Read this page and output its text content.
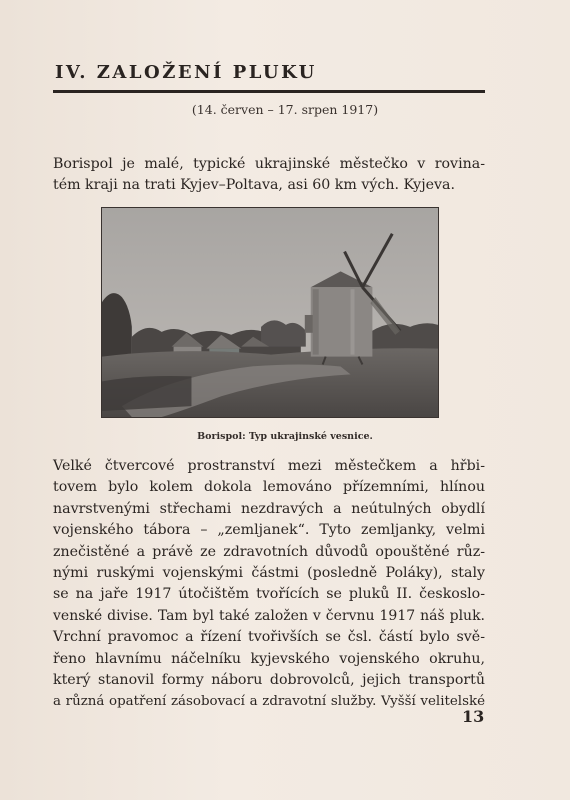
IV. ZALOŽENÍ PLUKU
(14. červen – 17. srpen 1917)
Borispol je malé, typické ukrajinské městečko v rovina-
tém kraji na trati Kyjev–Poltava, asi 60 km vých. Kyjeva.
Borispol: Typ ukrajinské vesnice.
Velké čtvercové prostranství mezi městečkem a hřbi-
tovem bylo kolem dokola lemováno přízemními, hlínou
navrstvenými střechami nezdravých a neútulných obydlí
vojenského tábora – „zemljanek“. Tyto zemljanky, velmi
znečistěné a právě ze zdravotních důvodů opouštěné růz-
nými ruskými vojenskými částmi (posledně Poláky), staly
se na jaře 1917 útočištěm tvořících se pluků II. českoslo-
venské divise. Tam byl také založen v červnu 1917 náš pluk.
Vrchní pravomoc a řízení tvořivších se čsl. částí bylo svě-
řeno hlavnímu náčelníku kyjevského vojenského okruhu,
který stanovil formy náboru dobrovolců, jejich transportů
a různá opatření zásobovací a zdravotní služby. Vyšší velitelské
13
